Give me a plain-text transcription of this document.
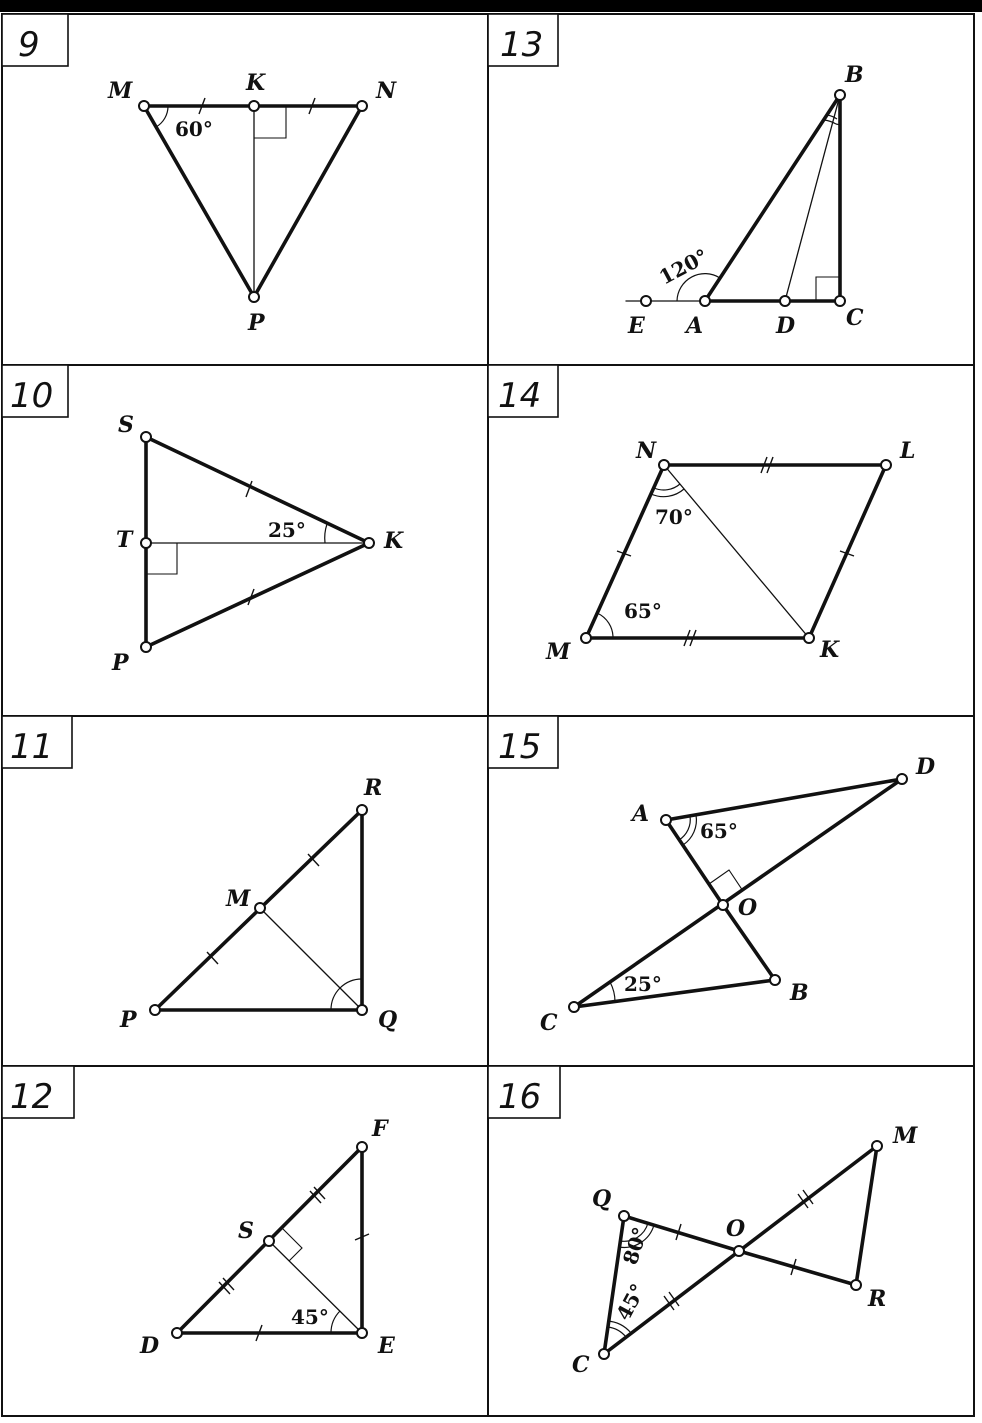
9
M	K	N
P
60°
13
B
E A	D C
120°
10
S
T	K
P
25°
14
N	L
M	K
70°
65°
11
R
M
P	Q
15
A
D
O
C
B
65°
25°
12
F
S
D	E
45°
16
Q
O
M
R
C
80°
45°
